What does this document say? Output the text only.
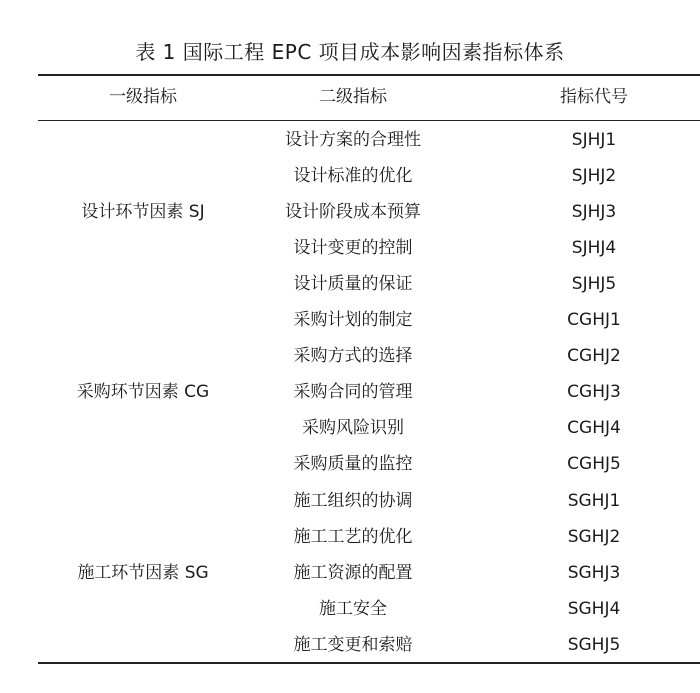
表 1 国际工程 EPC 项目成本影响因素指标体系
一级指标	二级指标	指标代号
设计环节因素 SJ
设计方案的合理性	SJHJ1
设计标准的优化	SJHJ2
设计阶段成本预算	SJHJ3
设计变更的控制	SJHJ4
设计质量的保证	SJHJ5
采购环节因素 CG
采购计划的制定	CGHJ1
采购方式的选择	CGHJ2
采购合同的管理	CGHJ3
采购风险识别	CGHJ4
采购质量的监控	CGHJ5
施工环节因素 SG
施工组织的协调	SGHJ1
施工工艺的优化	SGHJ2
施工资源的配置	SGHJ3
施工安全	SGHJ4
施工变更和索赔	SGHJ5
